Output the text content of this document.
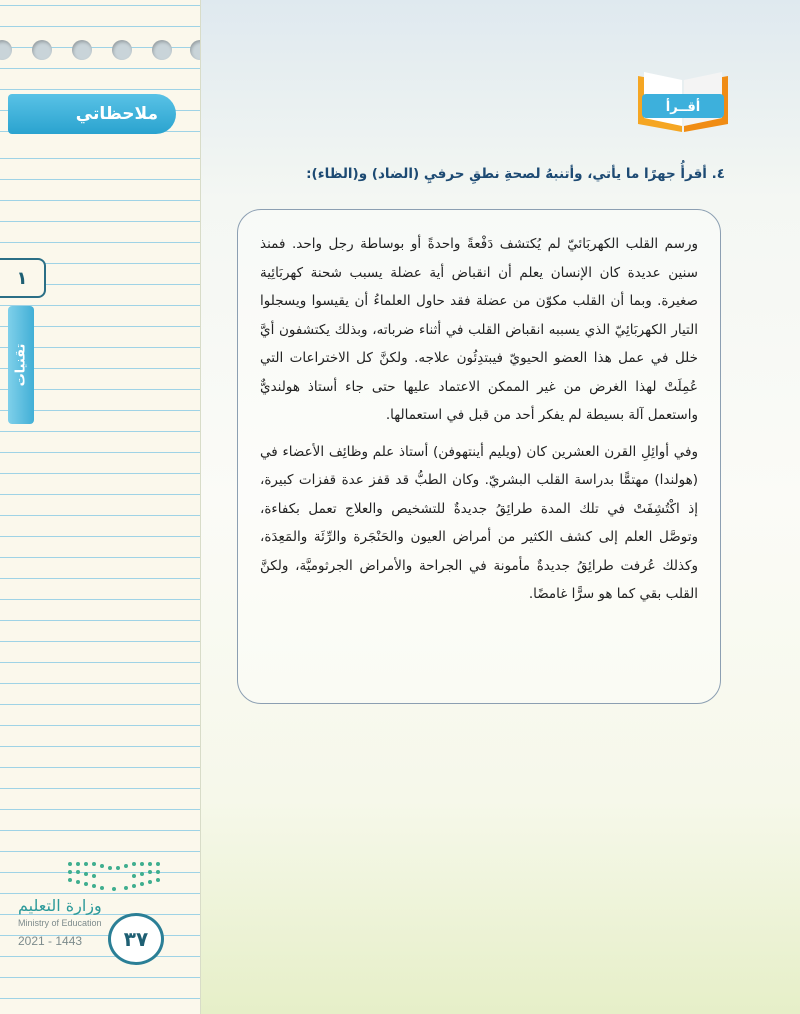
ملاحظاتي
١
تقنيات
وزارة التعليم
Ministry of Education
2021 - 1443 ٣٧
أقــرأ
٤. أقرأُ جهرًا ما يأتي، وأتنبهُ لصحةِ نطقِ حرفيِ (الضاد) و(الظاء):

ورسم القلب الكهربَائيّ لم يُكتشف دَفْعةً واحدةً أو بوساطة رجل واحد. فمنذ سنين عديدة كان الإنسان يعلم أن انقباض أية عضلة يسبب شحنة كهربَائِية صغيرة. وبما أن القلب مكوّن من عضلة فقد حاول العلماءُ أن يقيسوا ويسجلوا التيار الكهربَائِيّ الذي يسببه انقباض القلب في أثناء ضرباته، وبذلك يكتشفون أيَّ خلل في عمل هذا العضو الحيويّ فيبتدِئُون علاجه. ولكنَّ كل الاختراعات التي عُمِلَتْ لهذا الغرض من غير الممكن الاعتماد عليها حتى جاء أستاذ هولنديٌّ واستعمل آلة بسيطة لم يفكر أحد من قبل في استعمالها.

وفي أوائِلِ القرن العشرين كان (ويليم أينتهوفن) أستاذ علم وظائِف الأعضاء في (هولندا) مهتمًّا بدراسة القلب البشريّ. وكان الطبُّ قد قفز عدة قفزات كبيرة، إذ اكْتُشِفَتْ في تلك المدة طرائِقُ جديدةٌ للتشخيص والعلاج تعمل بكفاءة، وتوصَّل العلم إلى كشف الكثير من أمراض العيون والحَنْجَرة والرِّئَة والمَعِدَة، وكذلك عُرفت طرائِقُ جديدةٌ مأمونة في الجراحة والأمراض الجرثوميَّة، ولكنَّ القلب بقي كما هو سرًّا غامضًا.
